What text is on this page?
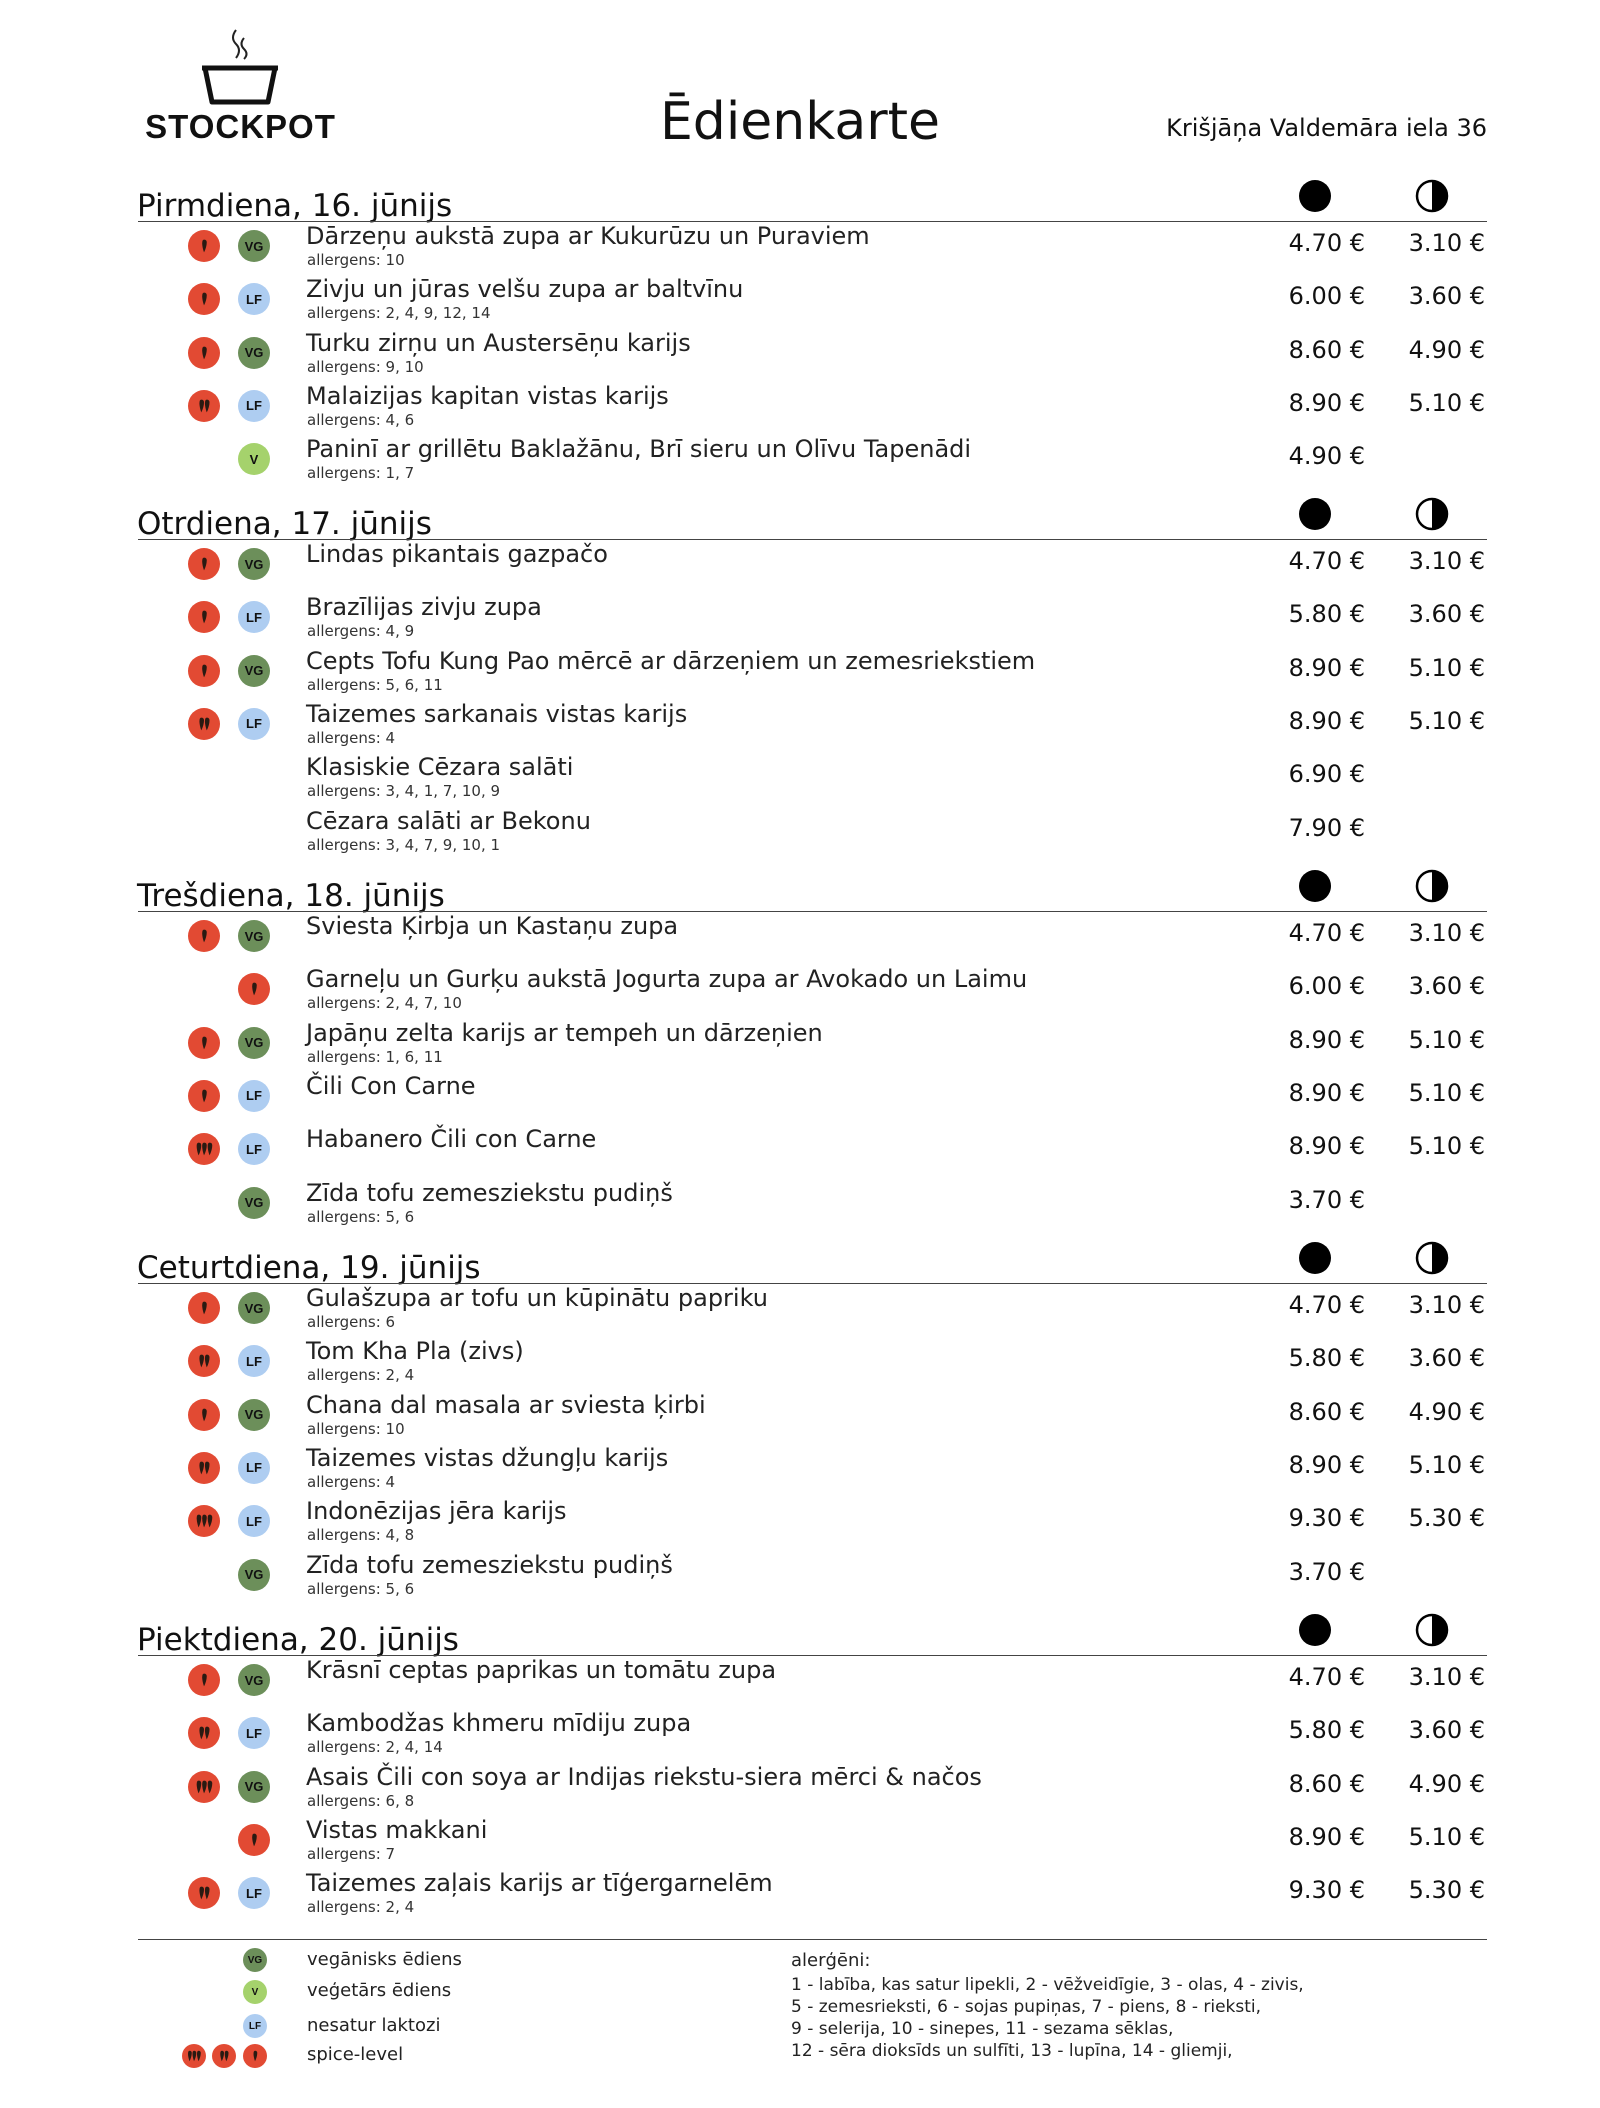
STOCKPOT	Ēdienkarte	Krišjāņa Valdemāra iela 36
Pirmdiena, 16. jūnijs
VG Dārzeņu aukstā zupa ar Kukurūzu un Puraviem
allergens: 10
4.70 € 3.10 €
LF	Zivju un jūras velšu zupa ar baltvīnu
allergens: 2, 4, 9, 12, 14
6.00 € 3.60 €
VG Turku zirņu un Austersēņu karijs
allergens: 9, 10
8.60 € 4.90 €
LF	Malaizijas kapitan vistas karijs
allergens: 4, 6
8.90 € 5.10 €
V	Paninī ar grillētu Baklažānu, Brī sieru un Olīvu Tapenādi
allergens: 1, 7
4.90 €
Otrdiena, 17. jūnijs
VG Lindas pikantais gazpačo	4.70 € 3.10 €
LF	Brazīlijas zivju zupa
allergens: 4, 9
5.80 € 3.60 €
VG Cepts Tofu Kung Pao mērcē ar dārzeņiem un zemesriekstiem
allergens: 5, 6, 11
8.90 € 5.10 €
LF	Taizemes sarkanais vistas karijs
allergens: 4
8.90 € 5.10 €
Klasiskie Cēzara salāti
allergens: 3, 4, 1, 7, 10, 9
6.90 €
Cēzara salāti ar Bekonu
allergens: 3, 4, 7, 9, 10, 1
7.90 €
Trešdiena, 18. jūnijs
VG Sviesta Ķirbja un Kastaņu zupa	4.70 € 3.10 €
Garneļu un Gurķu aukstā Jogurta zupa ar Avokado un Laimu
allergens: 2, 4, 7, 10
6.00 € 3.60 €
VG Japāņu zelta karijs ar tempeh un dārzeņien
allergens: 1, 6, 11
8.90 € 5.10 €
LF	Čili Con Carne	8.90 € 5.10 €
LF	Habanero Čili con Carne	8.90 € 5.10 €
VG Zīda tofu zemesziekstu pudiņš
allergens: 5, 6
3.70 €
Ceturtdiena, 19. jūnijs
VG Gulašzupa ar tofu un kūpinātu papriku
allergens: 6
4.70 € 3.10 €
LF	Tom Kha Pla (zivs)
allergens: 2, 4
5.80 € 3.60 €
VG Chana dal masala ar sviesta ķirbi
allergens: 10
8.60 € 4.90 €
LF	Taizemes vistas džungļu karijs
allergens: 4
8.90 € 5.10 €
LF	Indonēzijas jēra karijs
allergens: 4, 8
9.30 € 5.30 €
VG Zīda tofu zemesziekstu pudiņš
allergens: 5, 6
3.70 €
Piektdiena, 20. jūnijs
VG Krāsnī ceptas paprikas un tomātu zupa	4.70 € 3.10 €
LF	Kambodžas khmeru mīdiju zupa
allergens: 2, 4, 14
5.80 € 3.60 €
VG Asais Čili con soya ar Indijas riekstu-siera mērci & načos
allergens: 6, 8
8.60 € 4.90 €
Vistas makkani
allergens: 7
8.90 € 5.10 €
LF	Taizemes zaļais karijs ar tīģergarnelēm
allergens: 2, 4
9.30 € 5.30 €
VG vegānisks ēdiens
V	veģetārs ēdiens
LF	nesatur laktozi
spice-level
alerģēni:
1 - labība, kas satur lipekli, 2 - vēžveidīgie, 3 - olas, 4 - zivis,
5 - zemesrieksti, 6 - sojas pupiņas, 7 - piens, 8 - rieksti,
9 - selerija, 10 - sinepes, 11 - sezama sēklas,
12 - sēra dioksīds un sulfīti, 13 - lupīna, 14 - gliemji,
